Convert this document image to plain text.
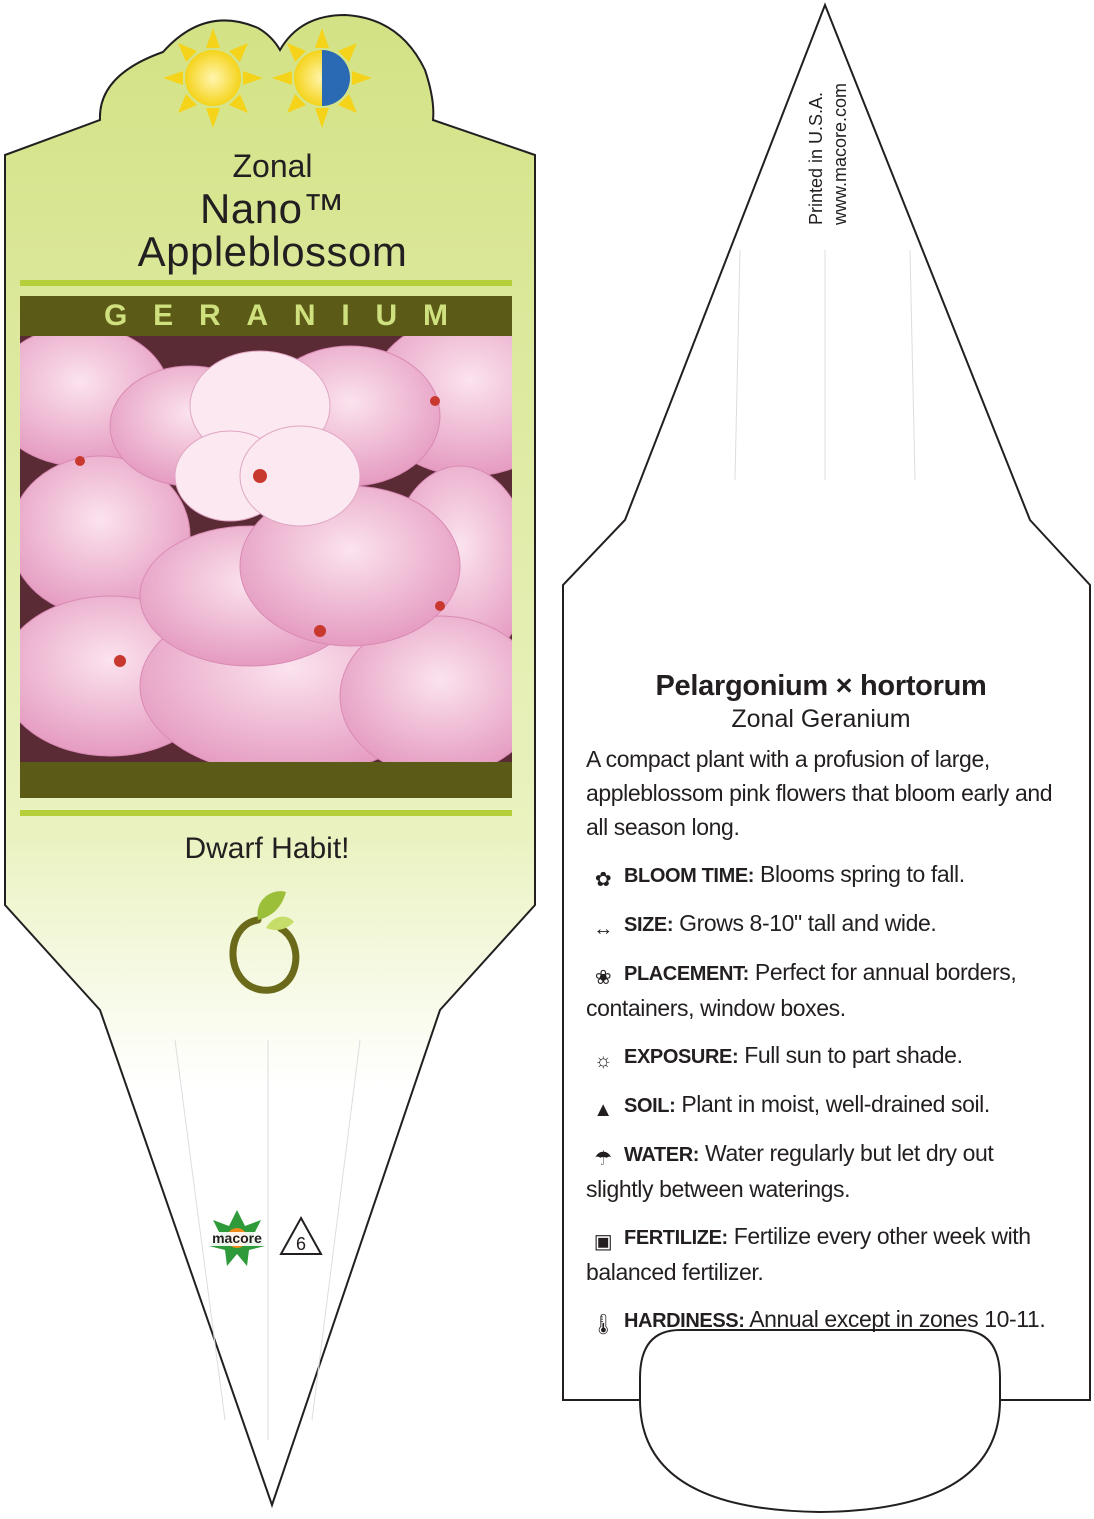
Printed in U.S.A. www.macore.com
Zonal
Nano™
Appleblossom
G E R A N I U M
Dwarf Habit!
macore 6
Pelargonium × hortorum
Zonal Geranium
A compact plant with a profusion of large, appleblossom pink flowers that bloom early and all season long.
✿ BLOOM TIME: Blooms spring to fall.
↔ SIZE: Grows 8-10" tall and wide.
❀ PLACEMENT: Perfect for annual borders, containers, window boxes.
☼ EXPOSURE: Full sun to part shade.
▲ SOIL: Plant in moist, well-drained soil.
☂ WATER: Water regularly but let dry out slightly between waterings.
▣ FERTILIZE: Fertilize every other week with balanced fertilizer.
🌡 HARDINESS: Annual except in zones 10-11.
